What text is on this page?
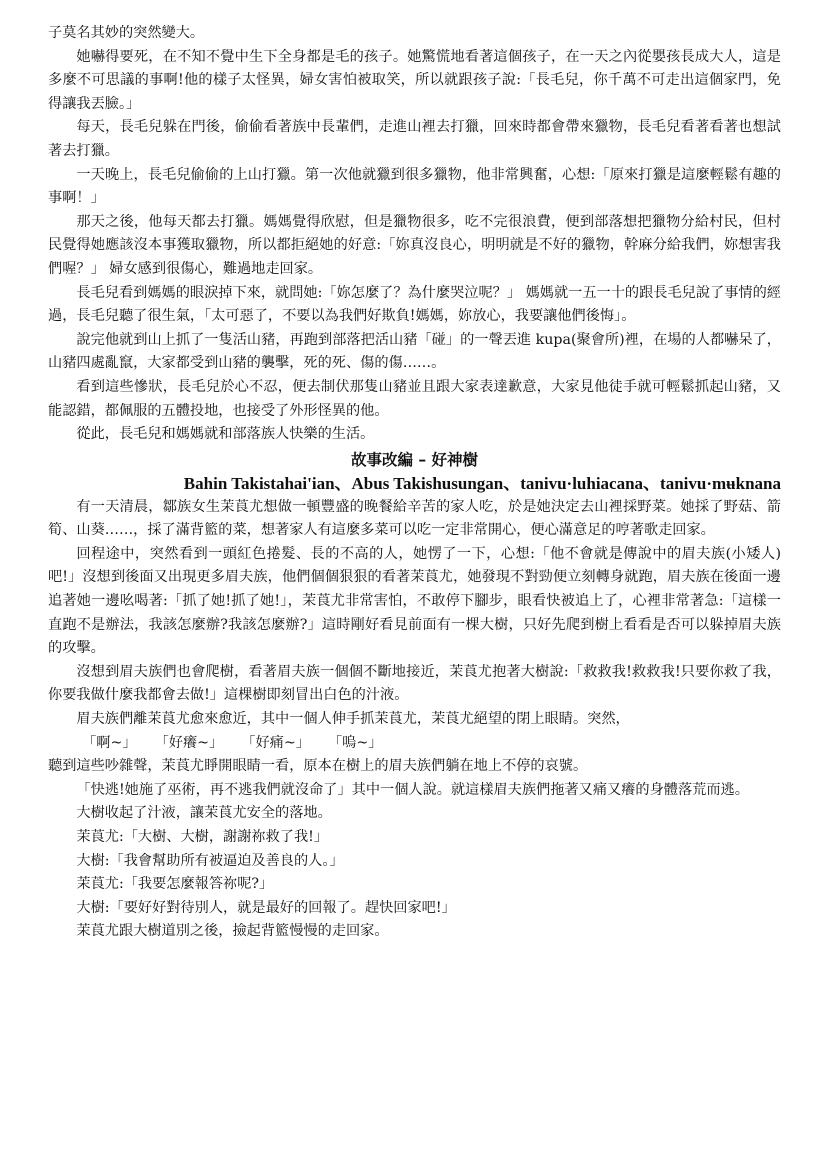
子莫名其妙的突然變大。

她嚇得要死，在不知不覺中生下全身都是毛的孩子。她驚慌地看著這個孩子，在一天之內從嬰孩長成大人，這是多麼不可思議的事啊!他的樣子太怪異，婦女害怕被取笑，所以就跟孩子說:「長毛兒，你千萬不可走出這個家門，免得讓我丟臉。」

每天，長毛兒躲在門後，偷偷看著族中長輩們，走進山裡去打獵，回來時都會帶來獵物，長毛兒看著看著也想試著去打獵。

一天晚上，長毛兒偷偷的上山打獵。第一次他就獵到很多獵物，他非常興奮，心想:「原來打獵是這麼輕鬆有趣的事啊！」

那天之後，他每天都去打獵。媽媽覺得欣慰，但是獵物很多，吃不完很浪費，便到部落想把獵物分給村民，但村民覺得她應該沒本事獲取獵物，所以都拒絕她的好意:「妳真沒良心，明明就是不好的獵物，幹麻分給我們，妳想害我們喔？」 婦女感到很傷心，難過地走回家。

長毛兒看到媽媽的眼淚掉下來，就問她:「妳怎麼了？為什麼哭泣呢？」 媽媽就一五一十的跟長毛兒說了事情的經過，長毛兒聽了很生氣，「太可惡了，不要以為我們好欺負!媽媽，妳放心，我要讓他們後悔」。

說完他就到山上抓了一隻活山豬，再跑到部落把活山豬「碰」的一聲丟進 kupa(聚會所)裡，在場的人都嚇呆了，山豬四處亂竄，大家都受到山豬的襲擊，死的死、傷的傷……。

看到這些慘狀，長毛兒於心不忍，便去制伏那隻山豬並且跟大家表達歉意，大家見他徒手就可輕鬆抓起山豬，又能認錯，都佩服的五體投地，也接受了外形怪異的他。

從此，長毛兒和媽媽就和部落族人快樂的生活。

故事改編 – 好神樹

Bahin Takistahai'ian、Abus Takishusungan、tanivu·luhiacana、tanivu·mʉknana

有一天清晨，鄒族女生茉莨尤想做一頓豐盛的晚餐給辛苦的家人吃，於是她決定去山裡採野菜。她採了野菇、箭筍、山葵……，採了滿背籃的菜，想著家人有這麼多菜可以吃一定非常開心，便心滿意足的哼著歌走回家。

回程途中，突然看到一頭紅色捲髮、長的不高的人，她愣了一下，心想:「他不會就是傳說中的眉夫族(小矮人)吧!」沒想到後面又出現更多眉夫族，他們個個狠狠的看著茉莨尤，她發現不對勁便立刻轉身就跑，眉夫族在後面一邊追著她一邊吆喝著:「抓了她!抓了她!」，茉莨尤非常害怕，不敢停下腳步，眼看快被追上了，心裡非常著急:「這樣一直跑不是辦法，我該怎麼辦?我該怎麼辦?」這時剛好看見前面有一棵大樹，只好先爬到樹上看看是否可以躲掉眉夫族的攻擊。

沒想到眉夫族們也會爬樹，看著眉夫族一個個不斷地接近，茉莨尤抱著大樹說:「救救我!救救我!只要你救了我，你要我做什麼我都會去做!」這棵樹即刻冒出白色的汁液。

眉夫族們離茉莨尤愈來愈近，其中一個人伸手抓茉莨尤，茉莨尤絕望的閉上眼睛。突然，

「啊~」 「好癢~」 「好痛~」 「嗚~」

聽到這些吵雜聲，茉莨尤睜開眼睛一看，原本在樹上的眉夫族們躺在地上不停的哀號。

「快逃!她施了巫術，再不逃我們就沒命了」其中一個人說。就這樣眉夫族們拖著又痛又癢的身體落荒而逃。

大樹收起了汁液，讓茉莨尤安全的落地。

茉莨尤:「大樹、大樹，謝謝祢救了我!」

大樹:「我會幫助所有被逼迫及善良的人。」

茉莨尤:「我要怎麼報答祢呢?」

大樹:「要好好對待別人，就是最好的回報了。趕快回家吧!」

茉莨尤跟大樹道別之後，撿起背籃慢慢的走回家。
